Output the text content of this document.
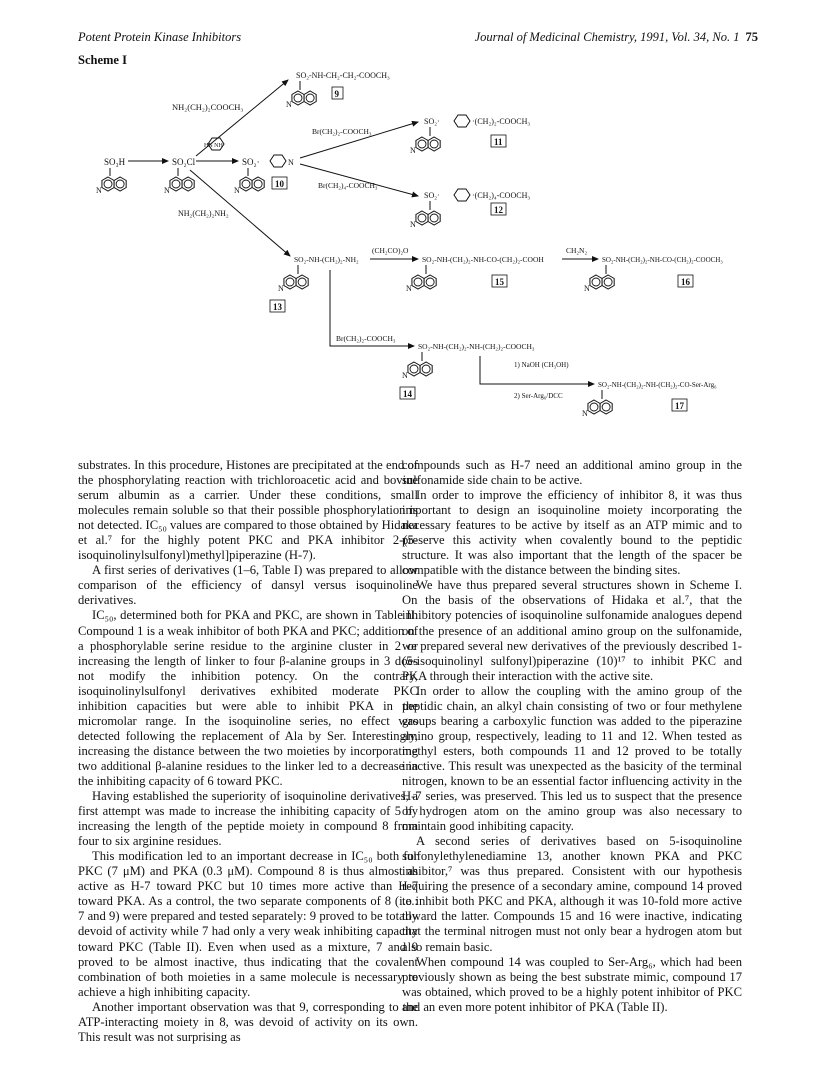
Potent Protein Kinase Inhibitors	Journal of Medicinal Chemistry, 1991, Vol. 34, No. 1 75
Scheme I
SO₃H
N
SO₂Cl
N
HN NH
SO₂·	N
N
10
NH₂(CH₂)₂COOCH₃
SO₂-NH-CH₂-CH₂-COOCH₃
N
9
Br(CH₂)₂-COOCH₃
Br(CH₂)₄-COOCH₃
SO₂·	·(CH₂)₂-COOCH₃
N
11
SO₂·	·(CH₂)₄-COOCH₃
N
12
NH₂(CH₂)₂NH₂
SO₂-NH-(CH₂)₂-NH₂
N
13
(CH₂CO)₂O
SO₂-NH-(CH₂)₂-NH-CO-(CH₂)₂-COOH
N
15
CH₂N₂
SO₂-NH-(CH₂)₂-NH-CO-(CH₂)₂-COOCH₃
N
16
Br(CH₂)₂-COOCH₃
SO₂-NH-(CH₂)₂-NH-(CH₂)₂-COOCH₃
N
14
1) NaOH (CH₃OH)
2) Ser-Arg₆/DCC
SO₂-NH-(CH₂)₂-NH-(CH₂)₂-CO-Ser-Arg₆
N
17

substrates. In this procedure, Histones are precipitated at the end of the phosphorylating reaction with trichloroacetic acid and bovine serum albumin as a carrier. Under these conditions, small molecules remain soluble so that their possible phosphorylation is not detected. IC₅₀ values are compared to those obtained by Hidaka et al.⁷ for the highly potent PKC and PKA inhibitor 2-(5-isoquinolinylsulfonyl)methyl]piperazine (H-7).

A first series of derivatives (1–6, Table I) was prepared to allow comparison of the efficiency of dansyl versus isoquinoline derivatives.

IC₅₀, determined both for PKA and PKC, are shown in Table II. Compound 1 is a weak inhibitor of both PKA and PKC; addition of a phosphorylable serine residue to the arginine cluster in 2 or increasing the length of linker to four β-alanine groups in 3 does not modify the inhibition potency. On the contrary, isoquinolinylsulfonyl derivatives exhibited moderate PKC inhibition capacities but were able to inhibit PKA in the micromolar range. In the isoquinoline series, no effect was detected following the replacement of Ala by Ser. Interestingly, increasing the distance between the two moieties by incorporating two additional β-alanine residues to the linker led to a decrease in the inhibiting capacity of 6 toward PKC.

Having established the superiority of isoquinoline derivatives, a first attempt was made to increase the inhibiting capacity of 5 by increasing the length of the peptide moiety in compound 8 from four to six arginine residues.

This modification led to an important decrease in IC₅₀ both for PKC (7 μM) and PKA (0.3 μM). Compound 8 is thus almost as active as H-7 toward PKC but 10 times more active than H-7 toward PKA. As a control, the two separate components of 8 (i.e.: 7 and 9) were prepared and tested separately: 9 proved to be totally devoid of activity while 7 had only a very weak inhibiting capacity toward PKC (Table II). Even when used as a mixture, 7 and 9 proved to be almost inactive, thus indicating that the covalent combination of both moieties in a same molecule is necessary to achieve a high inhibiting capacity.

Another important observation was that 9, corresponding to the ATP-interacting moiety in 8, was devoid of activity on its own. This result was not surprising as

compounds such as H-7 need an additional amino group in the sulfonamide side chain to be active.

In order to improve the efficiency of inhibitor 8, it was thus important to design an isoquinoline moiety incorporating the necessary features to be active by itself as an ATP mimic and to preserve this activity when covalently bound to the peptidic structure. It was also important that the length of the spacer be compatible with the distance between the binding sites.

We have thus prepared several structures shown in Scheme I. On the basis of the observations of Hidaka et al.⁷, that the inhibitory potencies of isoquinoline sulfonamide analogues depend on the presence of an additional amino group on the sulfonamide, we prepared several new derivatives of the previously described 1-(5-isoquinolinyl sulfonyl)piperazine (10)¹⁷ to inhibit PKC and PKA through their interaction with the active site.

In order to allow the coupling with the amino group of the peptidic chain, an alkyl chain consisting of two or four methylene groups bearing a carboxylic function was added to the piperazine amino group, respectively, leading to 11 and 12. When tested as methyl esters, both compounds 11 and 12 proved to be totally inactive. This result was unexpected as the basicity of the terminal nitrogen, known to be an essential factor influencing activity in the H-7 series, was preserved. This led us to suspect that the presence of hydrogen atom on the amino group was also necessary to maintain good inhibiting capacity.

A second series of derivatives based on 5-isoquinoline sulfonylethylenediamine 13, another known PKA and PKC inhibitor,⁷ was thus prepared. Consistent with our hypothesis requiring the presence of a secondary amine, compound 14 proved to inhibit both PKC and PKA, although it was 10-fold more active toward the latter. Compounds 15 and 16 were inactive, indicating that the terminal nitrogen must not only bear a hydrogen atom but also remain basic.

When compound 14 was coupled to Ser-Arg₆, which had been previously shown as being the best substrate mimic, compound 17 was obtained, which proved to be a highly potent inhibitor of PKC and an even more potent inhibitor of PKA (Table II).
